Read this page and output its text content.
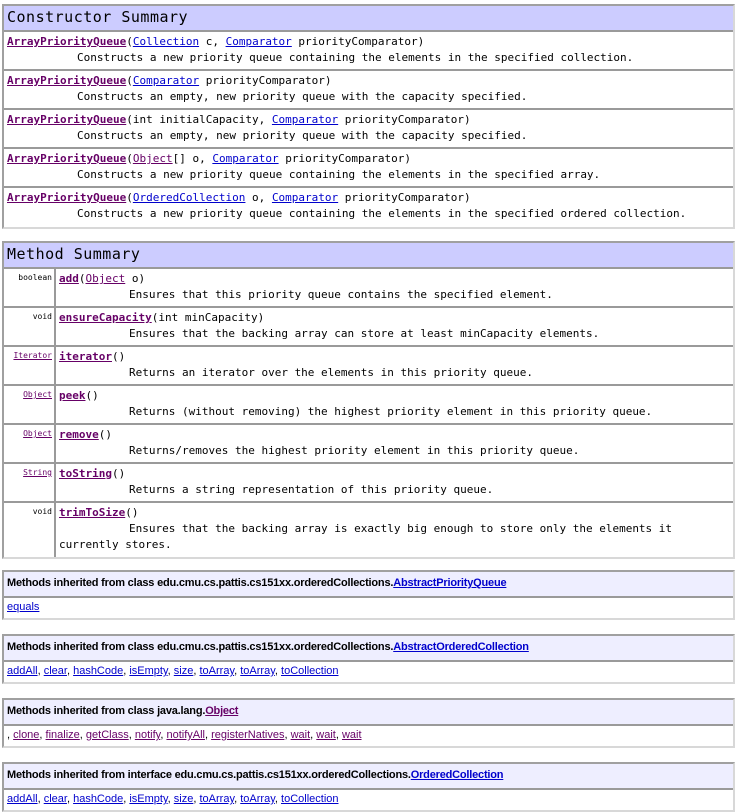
Constructor Summary
ArrayPriorityQueue(Collection c, Comparator priorityComparator)
Constructs a new priority queue containing the elements in the specified collection.
ArrayPriorityQueue(Comparator priorityComparator)
Constructs an empty, new priority queue with the capacity specified.
ArrayPriorityQueue(int initialCapacity, Comparator priorityComparator)
Constructs an empty, new priority queue with the capacity specified.
ArrayPriorityQueue(Object[] o, Comparator priorityComparator)
Constructs a new priority queue containing the elements in the specified array.
ArrayPriorityQueue(OrderedCollection o, Comparator priorityComparator)
Constructs a new priority queue containing the elements in the specified ordered collection.
Method Summary
boolean add(Object o)
Ensures that this priority queue contains the specified element.
void ensureCapacity(int minCapacity)
Ensures that the backing array can store at least minCapacity elements.
Iterator iterator()
Returns an iterator over the elements in this priority queue.
Object peek()
Returns (without removing) the highest priority element in this priority queue.
Object remove()
Returns/removes the highest priority element in this priority queue.
String toString()
Returns a string representation of this priority queue.
void trimToSize()
Ensures that the backing array is exactly big enough to store only the elements it
currently stores.
Methods inherited from class edu.cmu.cs.pattis.cs151xx.orderedCollections.AbstractPriorityQueue
equals
Methods inherited from class edu.cmu.cs.pattis.cs151xx.orderedCollections.AbstractOrderedCollection
addAll, clear, hashCode, isEmpty, size, toArray, toArray, toCollection
Methods inherited from class java.lang.Object
, clone, finalize, getClass, notify, notifyAll, registerNatives, wait, wait, wait
Methods inherited from interface edu.cmu.cs.pattis.cs151xx.orderedCollections.OrderedCollection
addAll, clear, hashCode, isEmpty, size, toArray, toArray, toCollection
